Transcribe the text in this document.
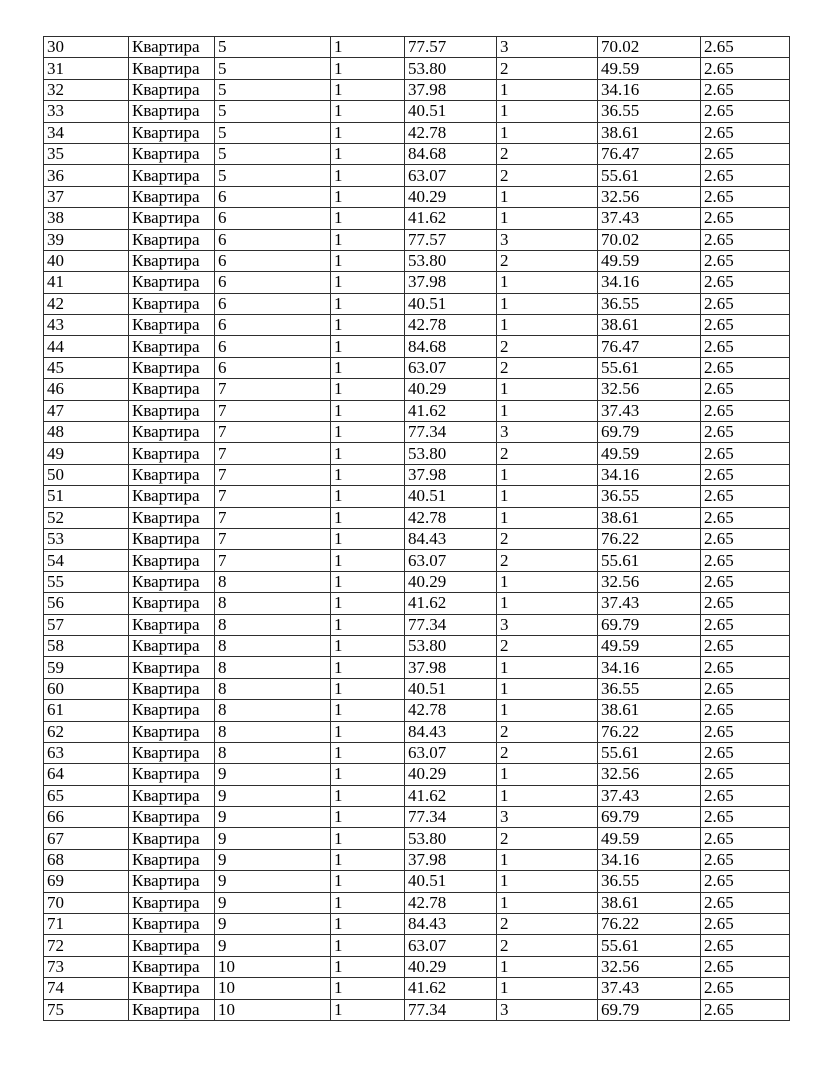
30	Квартира	5	1	77.57	3	70.02	2.65
31	Квартира	5	1	53.80	2	49.59	2.65
32	Квартира	5	1	37.98	1	34.16	2.65
33	Квартира	5	1	40.51	1	36.55	2.65
34	Квартира	5	1	42.78	1	38.61	2.65
35	Квартира	5	1	84.68	2	76.47	2.65
36	Квартира	5	1	63.07	2	55.61	2.65
37	Квартира	6	1	40.29	1	32.56	2.65
38	Квартира	6	1	41.62	1	37.43	2.65
39	Квартира	6	1	77.57	3	70.02	2.65
40	Квартира	6	1	53.80	2	49.59	2.65
41	Квартира	6	1	37.98	1	34.16	2.65
42	Квартира	6	1	40.51	1	36.55	2.65
43	Квартира	6	1	42.78	1	38.61	2.65
44	Квартира	6	1	84.68	2	76.47	2.65
45	Квартира	6	1	63.07	2	55.61	2.65
46	Квартира	7	1	40.29	1	32.56	2.65
47	Квартира	7	1	41.62	1	37.43	2.65
48	Квартира	7	1	77.34	3	69.79	2.65
49	Квартира	7	1	53.80	2	49.59	2.65
50	Квартира	7	1	37.98	1	34.16	2.65
51	Квартира	7	1	40.51	1	36.55	2.65
52	Квартира	7	1	42.78	1	38.61	2.65
53	Квартира	7	1	84.43	2	76.22	2.65
54	Квартира	7	1	63.07	2	55.61	2.65
55	Квартира	8	1	40.29	1	32.56	2.65
56	Квартира	8	1	41.62	1	37.43	2.65
57	Квартира	8	1	77.34	3	69.79	2.65
58	Квартира	8	1	53.80	2	49.59	2.65
59	Квартира	8	1	37.98	1	34.16	2.65
60	Квартира	8	1	40.51	1	36.55	2.65
61	Квартира	8	1	42.78	1	38.61	2.65
62	Квартира	8	1	84.43	2	76.22	2.65
63	Квартира	8	1	63.07	2	55.61	2.65
64	Квартира	9	1	40.29	1	32.56	2.65
65	Квартира	9	1	41.62	1	37.43	2.65
66	Квартира	9	1	77.34	3	69.79	2.65
67	Квартира	9	1	53.80	2	49.59	2.65
68	Квартира	9	1	37.98	1	34.16	2.65
69	Квартира	9	1	40.51	1	36.55	2.65
70	Квартира	9	1	42.78	1	38.61	2.65
71	Квартира	9	1	84.43	2	76.22	2.65
72	Квартира	9	1	63.07	2	55.61	2.65
73	Квартира	10	1	40.29	1	32.56	2.65
74	Квартира	10	1	41.62	1	37.43	2.65
75	Квартира	10	1	77.34	3	69.79	2.65
